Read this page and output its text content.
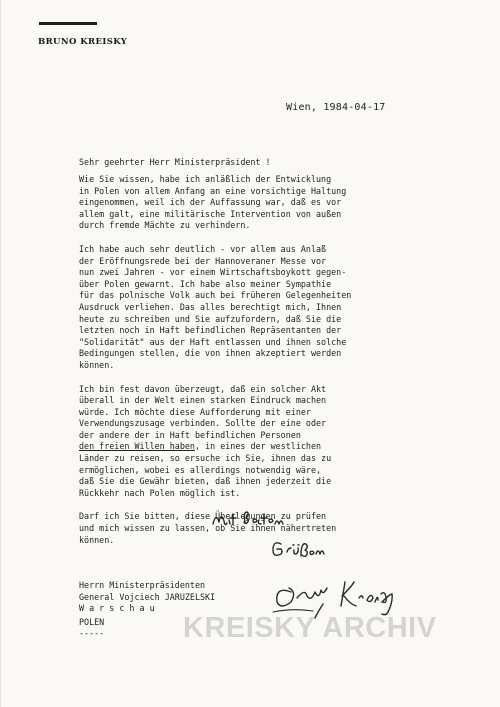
BRUNO KREISKY
Wien, 1984-04-17
Sehr geehrter Herr Ministerpräsident !
Wie Sie wissen, habe ich anläßlich der Entwicklung
in Polen von allem Anfang an eine vorsichtige Haltung
eingenommen, weil ich der Auffassung war, daß es vor
allem galt, eine militärische Intervention von außen
durch fremde Mächte zu verhindern.
Ich habe auch sehr deutlich - vor allem aus Anlaß
der Eröffnungsrede bei der Hannoveraner Messe vor
nun zwei Jahren - vor einem Wirtschaftsboykott gegen-
über Polen gewarnt. Ich habe also meiner Sympathie
für das polnische Volk auch bei früheren Gelegenheiten
Ausdruck verliehen. Das alles berechtigt mich, Ihnen
heute zu schreiben und Sie aufzufordern, daß Sie die
letzten noch in Haft befindlichen Repräsentanten der
"Solidarität" aus der Haft entlassen und ihnen solche
Bedingungen stellen, die von ihnen akzeptiert werden
können.
Ich bin fest davon überzeugt, daß ein solcher Akt
überall in der Welt einen starken Eindruck machen
würde. Ich möchte diese Aufforderung mit einer
Verwendungszusage verbinden. Sollte der eine oder
der andere der in Haft befindlichen Personen
den freien Willen haben, in eines der westlichen
Länder zu reisen, so ersuche ich Sie, ihnen das zu
ermöglichen, wobei es allerdings notwendig wäre,
daß Sie die Gewähr bieten, daß ihnen jederzeit die
Rückkehr nach Polen möglich ist.
Darf ich Sie bitten, diese Überlegungen zu prüfen
und mich wissen zu lassen, ob Sie ihnen nähertreten
können.
Herrn Ministerpräsidenten
General Vojciech JARUZELSKI
W a r s c h a u
POLEN
-----	KREISKY ARCHIV
